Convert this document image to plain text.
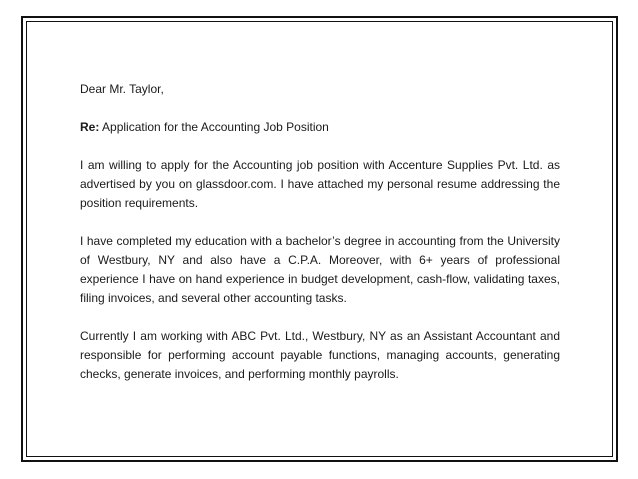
Dear Mr. Taylor,

Re: Application for the Accounting Job Position

I am willing to apply for the Accounting job position with Accenture Supplies Pvt. Ltd. as advertised by you on glassdoor.com. I have attached my personal resume addressing the position requirements.

I have completed my education with a bachelor’s degree in accounting from the University of Westbury, NY and also have a C.P.A. Moreover, with 6+ years of professional experience I have on hand experience in budget development, cash-flow, validating taxes, filing invoices, and several other accounting tasks.

Currently I am working with ABC Pvt. Ltd., Westbury, NY as an Assistant Accountant and responsible for performing account payable functions, managing accounts, generating checks, generate invoices, and performing monthly payrolls.
